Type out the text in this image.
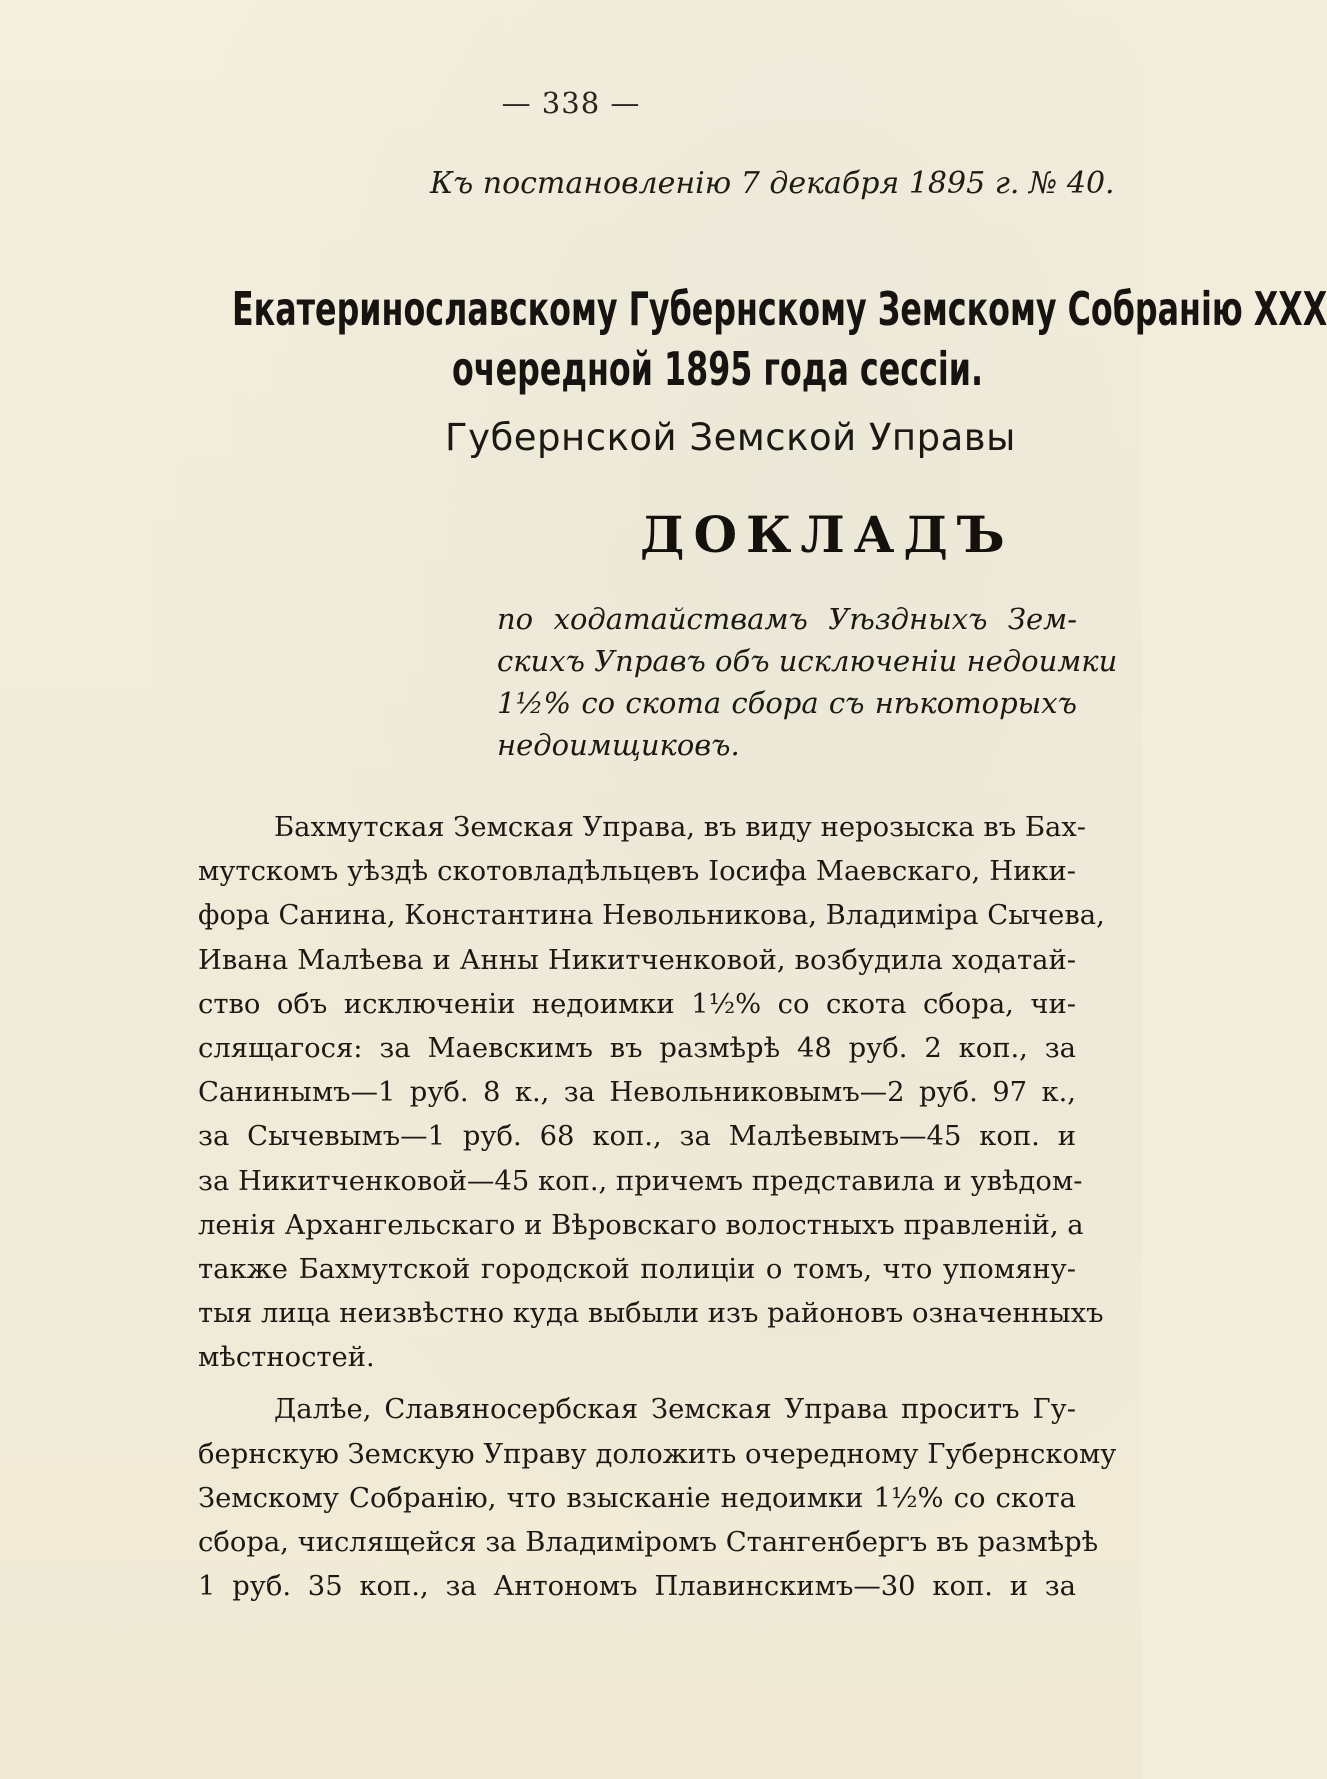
— 338 —
Къ постановленію 7 декабря 1895 г. № 40.
Екатеринославскому Губернскому Земскому Собранію XXX
очередной 1895 года сессіи.
Губернской Земской Управы
ДОКЛАДЪ
по ходатайствамъ Уѣздныхъ Зем-
скихъ Управъ объ исключеніи недоимки
1½% со скота сбора съ нѣкоторыхъ
недоимщиковъ.
Бахмутская Земская Управа, въ виду нерозыска въ Бах-
мутскомъ уѣздѣ скотовладѣльцевъ Іосифа Маевскаго, Ники-
фора Санина, Константина Невольникова, Владиміра Сычева,
Ивана Малѣева и Анны Никитченковой, возбудила ходатай-
ство объ исключеніи недоимки 1½% со скота сбора, чи-
слящагося: за Маевскимъ въ размѣрѣ 48 руб. 2 коп., за
Санинымъ—1 руб. 8 к., за Невольниковымъ—2 руб. 97 к.,
за Сычевымъ—1 руб. 68 коп., за Малѣевымъ—45 коп. и
за Никитченковой—45 коп., причемъ представила и увѣдом-
ленія Архангельскаго и Вѣровскаго волостныхъ правленій, а
также Бахмутской городской полиціи о томъ, что упомяну-
тыя лица неизвѣстно куда выбыли изъ районовъ означенныхъ
мѣстностей.
Далѣе, Славяносербская Земская Управа проситъ Гу-
бернскую Земскую Управу доложить очередному Губернскому
Земскому Собранію, что взысканіе недоимки 1½% со скота
сбора, числящейся за Владиміромъ Стангенбергъ въ размѣрѣ
1 руб. 35 коп., за Антономъ Плавинскимъ—30 коп. и за
